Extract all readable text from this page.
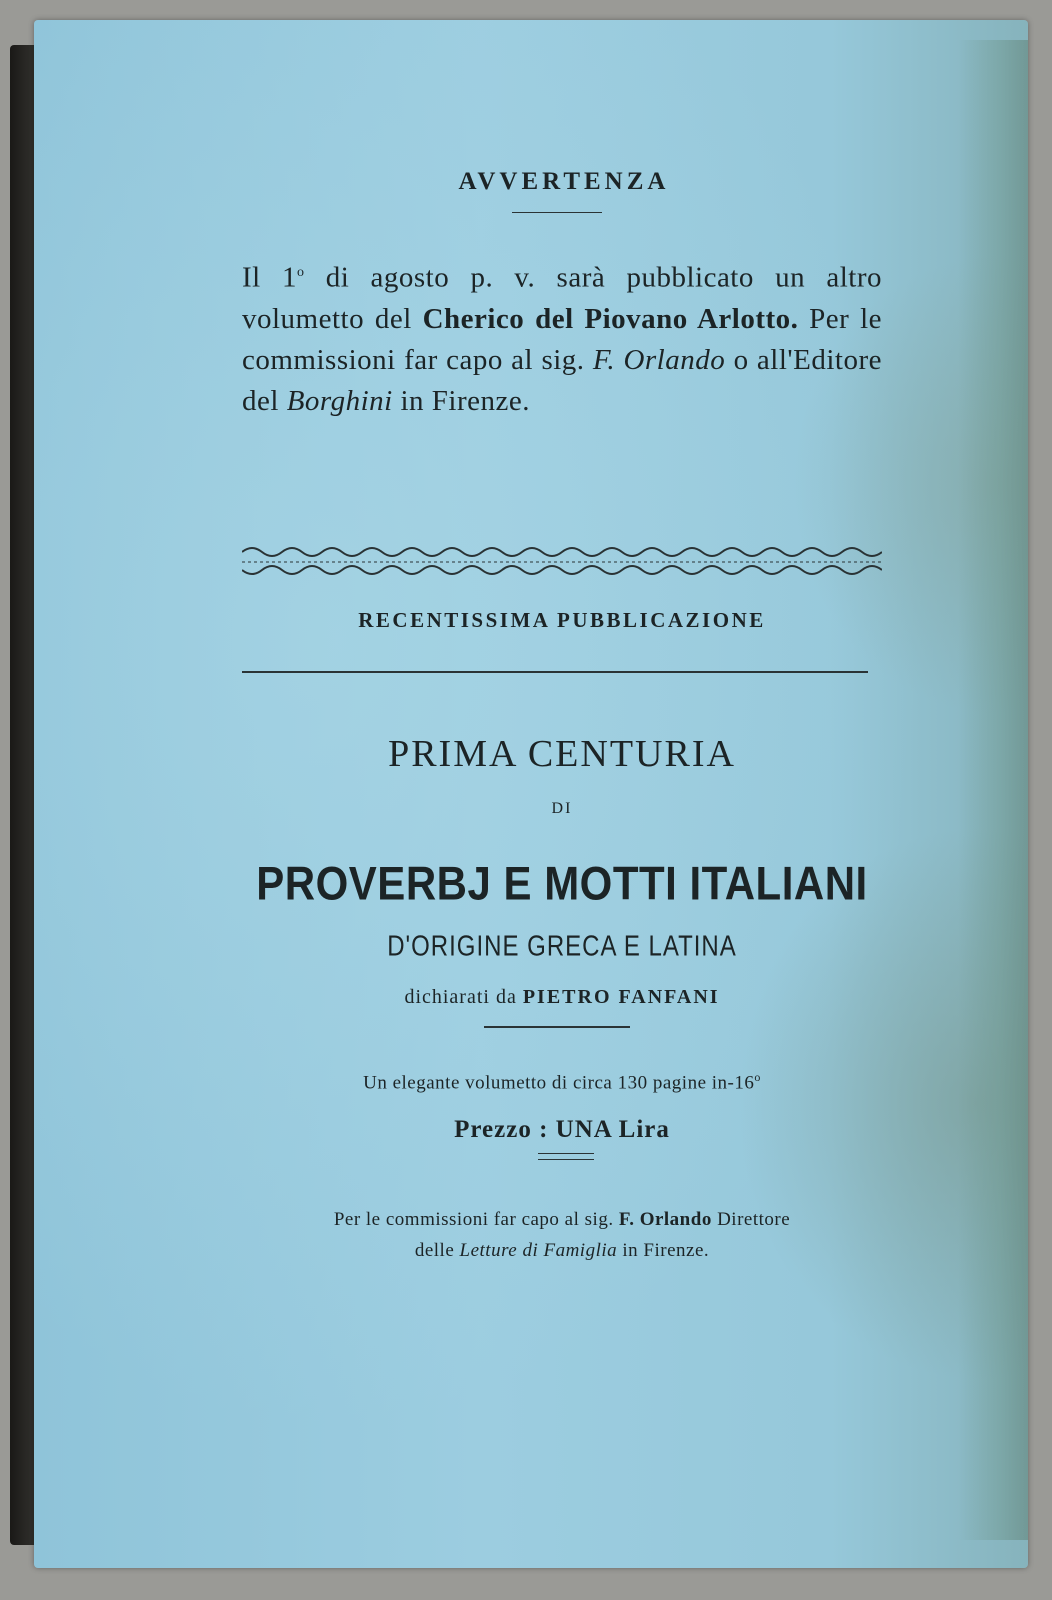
AVVERTENZA
Il 1$^o$ di agosto p. v. sarà pubblicato un altro volumetto del Cherico del Piovano Arlotto. Per le commissioni far capo al sig. F. Orlando o all'Editore del Borghini in Firenze.
RECENTISSIMA PUBBLICAZIONE
PRIMA CENTURIA
DI
PROVERBJ E MOTTI ITALIANI
D'ORIGINE GRECA E LATINA
dichiarati da PIETRO FANFANI
Un elegante volumetto di circa 130 pagine in-16$^o$
Prezzo : UNA Lira
Per le commissioni far capo al sig. F. Orlando Direttore
delle Letture di Famiglia in Firenze.
